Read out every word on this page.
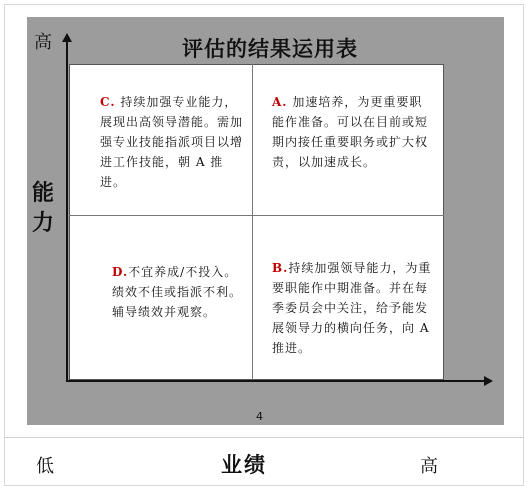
评估的结果运用表
高
能力
4
C. 持续加强专业能力，展现出高领导潜能。需加强专业技能指派项目以增进工作技能，朝 A 推进。
A. 加速培养，为更重要职能作准备。可以在目前或短期内接任重要职务或扩大权责，以加速成长。
D.不宜养成/不投入。绩效不佳或指派不利。辅导绩效并观察。
B.持续加强领导能力，为重要职能作中期准备。并在每季委员会中关注，给予能发展领导力的横向任务，向 A 推进。
低	业绩	高
